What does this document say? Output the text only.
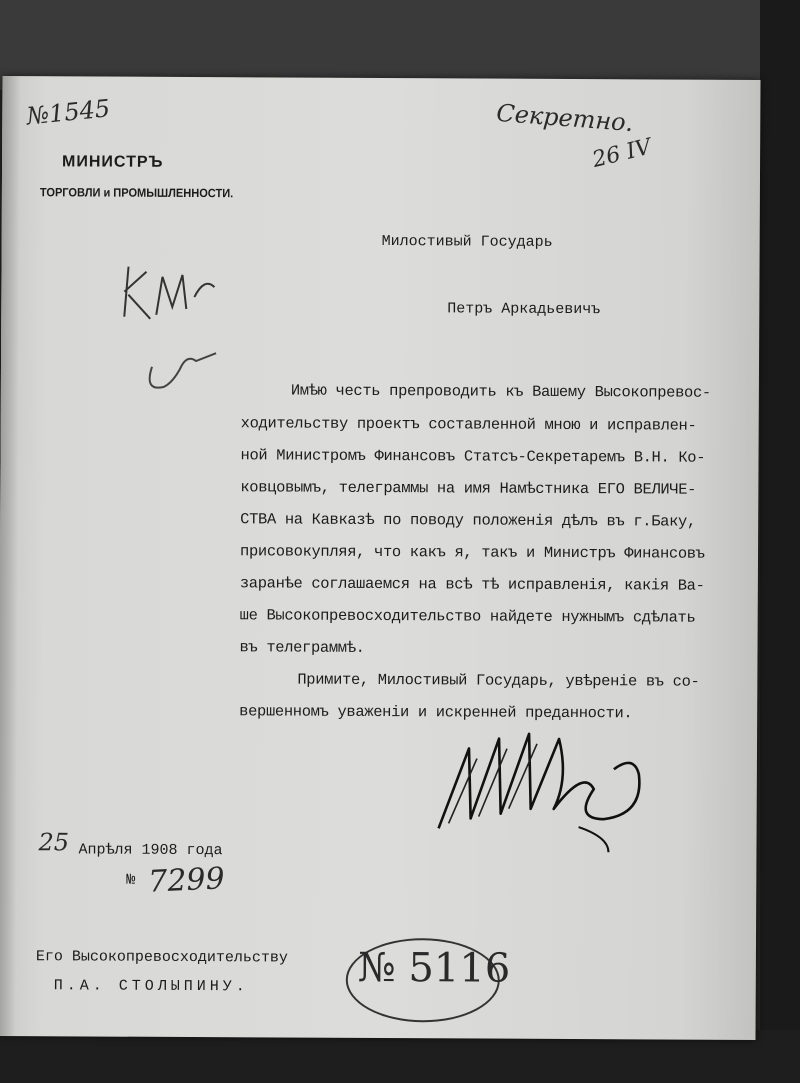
№1545
МИНИСТРЪ
ТОРГОВЛИ и ПРОМЫШЛЕННОСТИ.
Секретно.
26 IV
Милостивый Государь
Петръ Аркадьевичъ
Имѣю честь препроводить къ Вашему Высокопревос-
ходительству проектъ составленной мною и исправлен-
ной Министромъ Финансовъ Статсъ-Секретаремъ В.Н. Ко-
ковцовымъ, телеграммы на имя Намѣстника ЕГО ВЕЛИЧЕ-
СТВА на Кавказѣ по поводу положенія дѣлъ въ г.Баку,
присовокупляя, что какъ я, такъ и Министръ Финансовъ
заранѣе соглашаемся на всѣ тѣ исправленія, какія Ва-
ше Высокопревосходительство найдете нужнымъ сдѣлать
въ телеграммѣ.
Примите, Милостивый Государь, увѣреніе въ со-
вершенномъ уваженіи и искренней преданности.
25 Апрѣля 1908 года
№ 7299
Его Высокопревосходительству
П.А. СТОЛЫПИНУ.	№ 5116
